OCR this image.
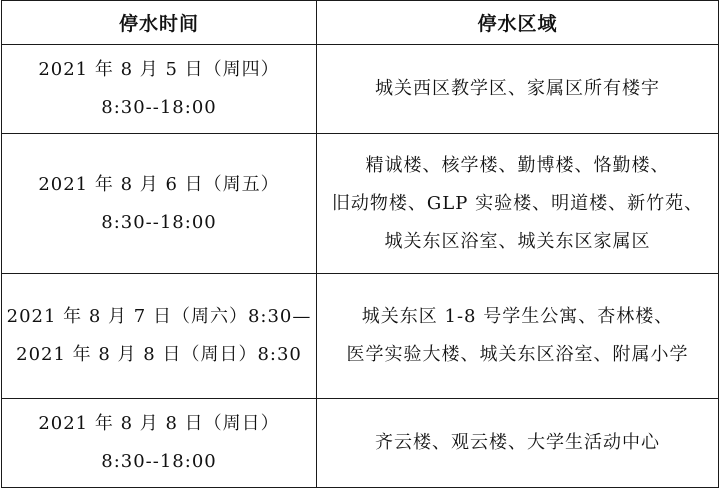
停水时间	停水区域

2021 年 8 月 5 日（周四）
8:30--18:00	城关西区教学区、家属区所有楼宇

2021 年 8 月 6 日（周五）
8:30--18:00	精诚楼、核学楼、勤博楼、恪勤楼、
旧动物楼、GLP 实验楼、明道楼、新竹苑、
城关东区浴室、城关东区家属区

2021 年 8 月 7 日（周六）8:30—
2021 年 8 月 8 日（周日）8:30	城关东区 1-8 号学生公寓、杏林楼、
医学实验大楼、城关东区浴室、附属小学

2021 年 8 月 8 日（周日）
8:30--18:00	齐云楼、观云楼、大学生活动中心
